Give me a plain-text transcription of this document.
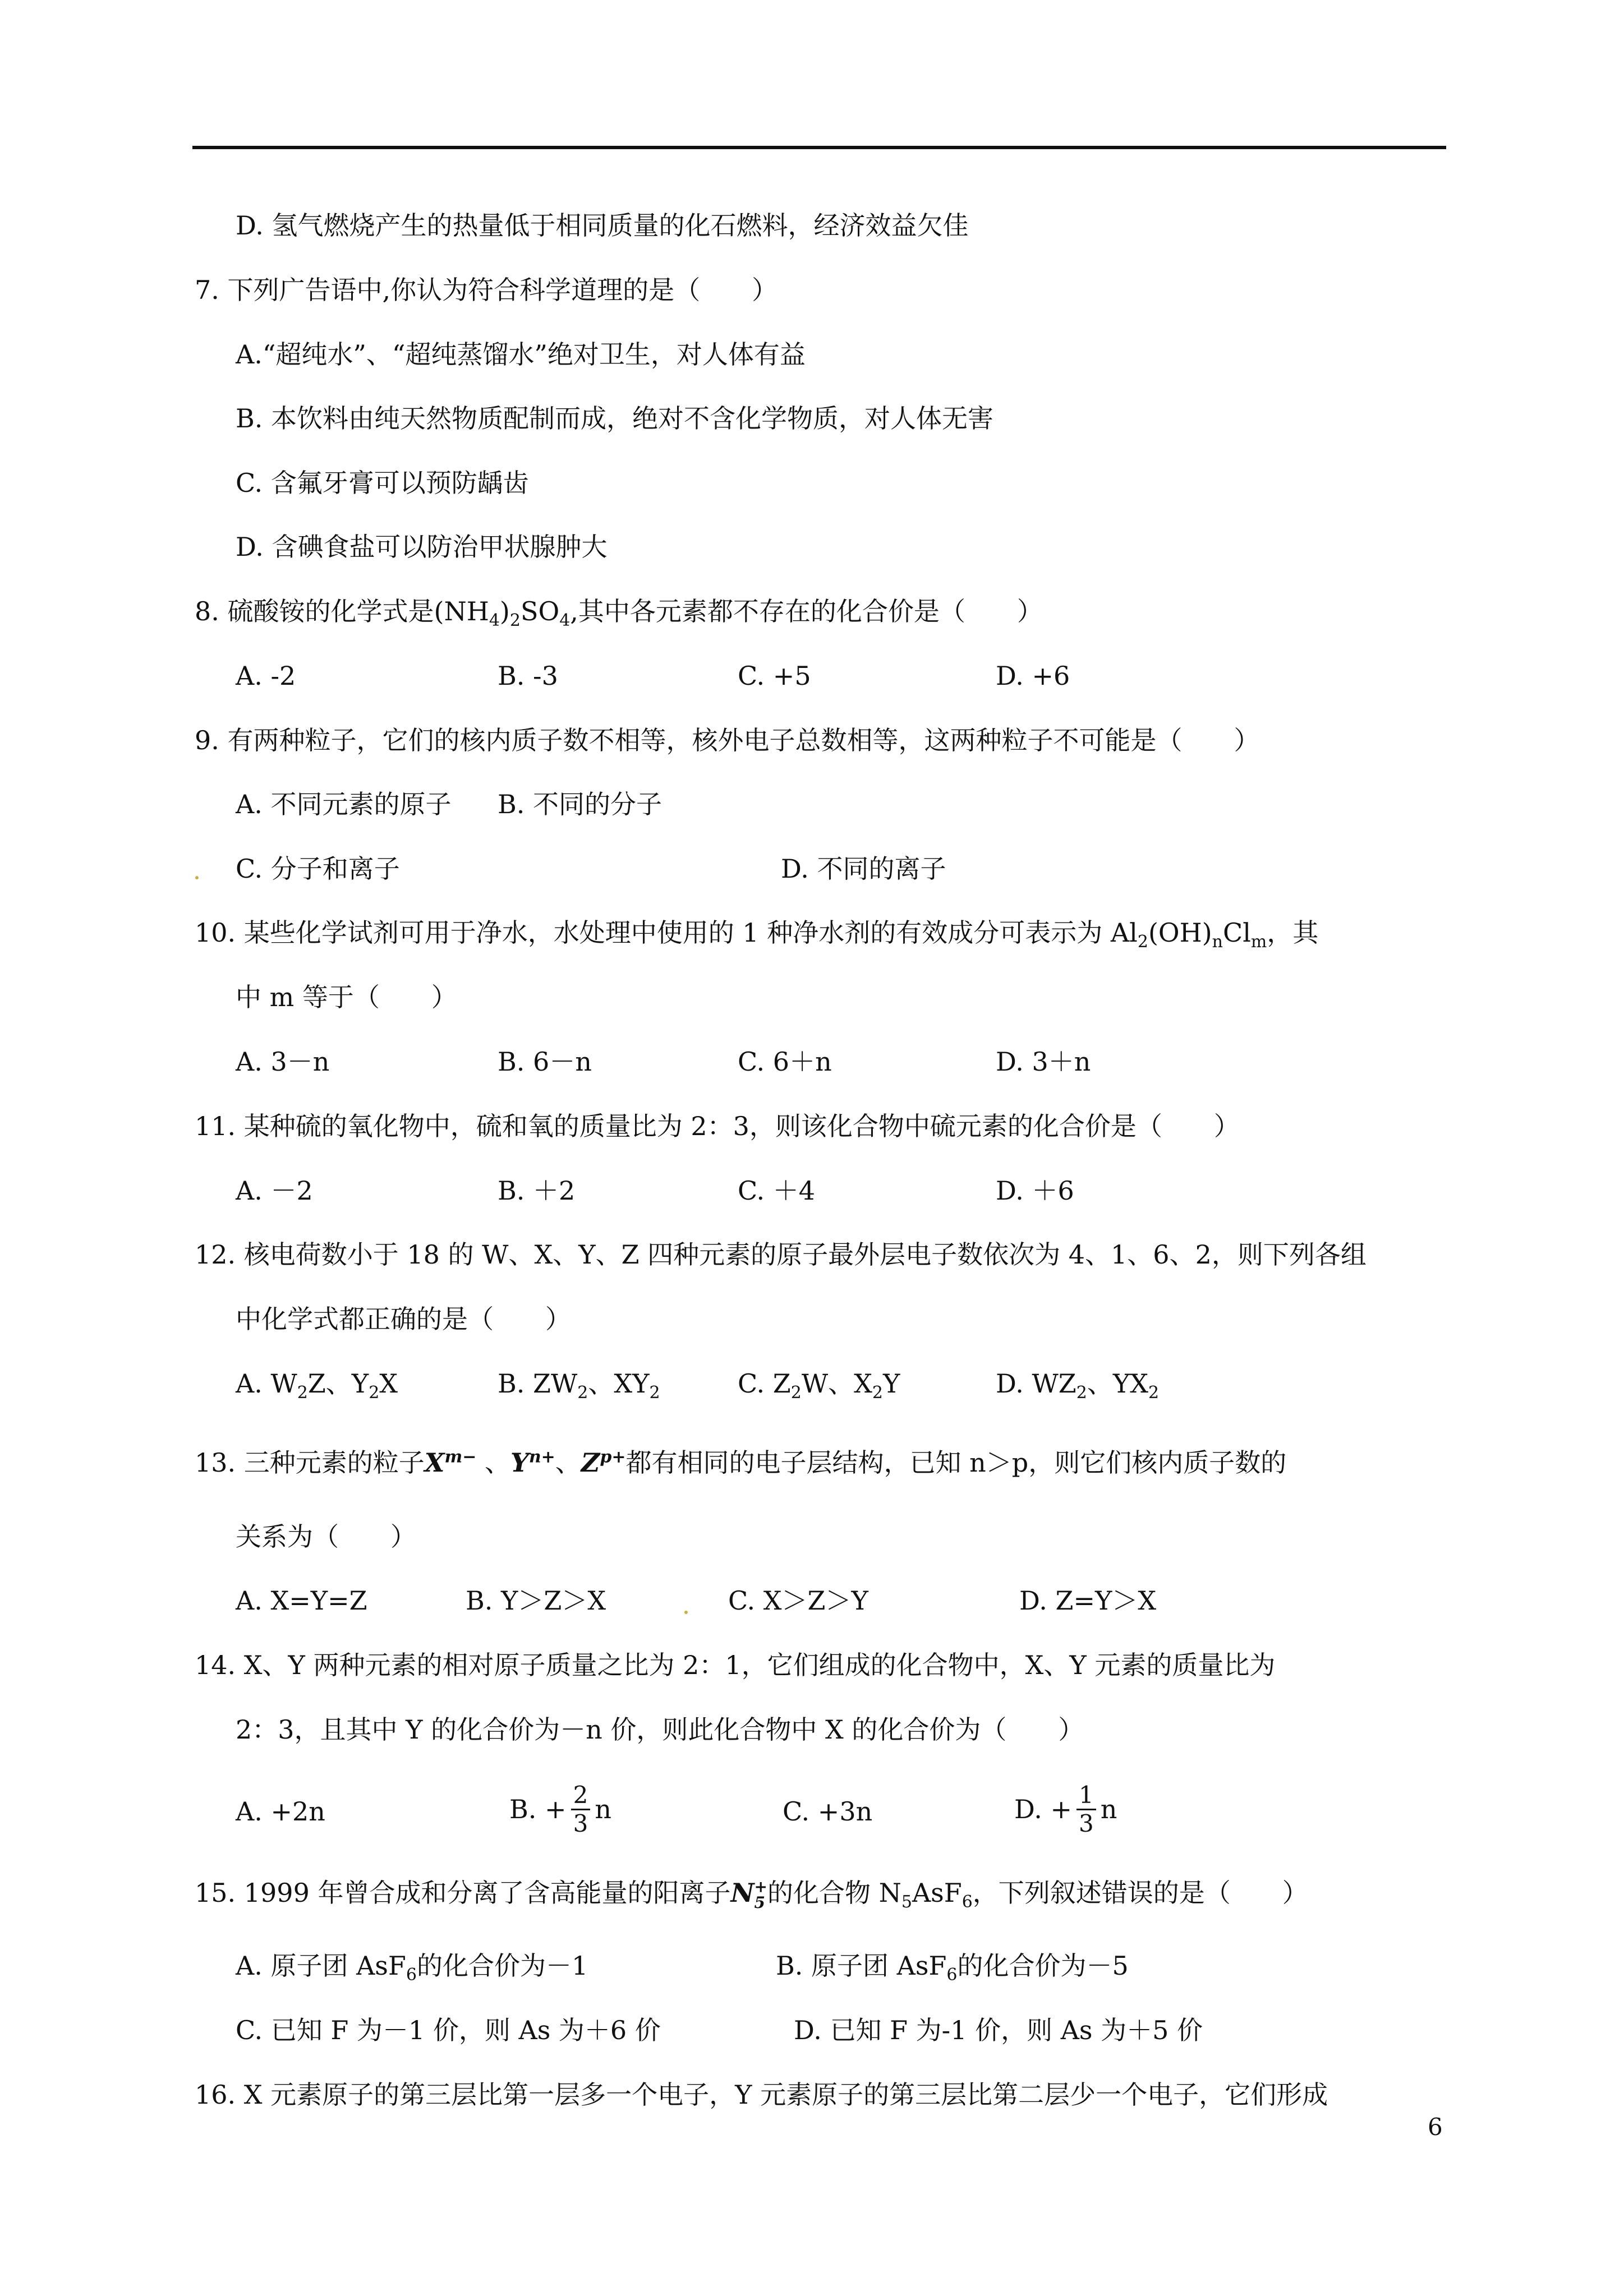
D. 氢气燃烧产生的热量低于相同质量的化石燃料，经济效益欠佳
7. 下列广告语中,你认为符合科学道理的是（　　）
A.“超纯水”、“超纯蒸馏水”绝对卫生，对人体有益
B. 本饮料由纯天然物质配制而成，绝对不含化学物质，对人体无害
C. 含氟牙膏可以预防龋齿
D. 含碘食盐可以防治甲状腺肿大
8. 硫酸铵的化学式是$(NH_4)_2SO_4$,其中各元素都不存在的化合价是（　　）
A. -2	B. -3	C. +5	D. +6
9. 有两种粒子，它们的核内质子数不相等，核外电子总数相等，这两种粒子不可能是（　　）
A. 不同元素的原子 B. 不同的分子
C. 分子和离子	D. 不同的离子
10. 某些化学试剂可用于净水，水处理中使用的 1 种净水剂的有效成分可表示为 $Al_2(OH)_nCl_m$，其
中 m 等于（　　）
A. 3－n	B. 6－n	C. 6＋n	D. 3＋n
11. 某种硫的氧化物中，硫和氧的质量比为 2：3，则该化合物中硫元素的化合价是（　　）
A. －2	B. ＋2	C. ＋4	D. ＋6
12. 核电荷数小于 18 的 W、X、Y、Z 四种元素的原子最外层电子数依次为 4、1、6、2，则下列各组
中化学式都正确的是（　　）
A. $W_2Z$、$Y_2X$	B. $ZW_2$、$XY_2$	C. $Z_2W$、$X_2Y$	D. $WZ_2$、$YX_2$
13. 三种元素的粒子$X^{m-}$ 、$Y^{n+}$、$Z^{p+}$都有相同的电子层结构，已知 n＞p，则它们核内质子数的
关系为（　　）
A. X=Y=Z	B. Y＞Z＞X	C. X＞Z＞Y	D. Z=Y＞X
14. X、Y 两种元素的相对原子质量之比为 2：1，它们组成的化合物中，X、Y 元素的质量比为
2：3，且其中 Y 的化合价为－n 价，则此化合物中 X 的化合价为（　　）
A. +2n	B. + $\frac{2}{3}$ n	C. +3n	D. + $\frac{1}{3}$ n
15. 1999 年曾合成和分离了含高能量的阳离子N +
5 的化合物 $N_5AsF_6$，下列叙述错误的是（　　）
A. 原子团 AsF$_6$的化合价为－1	B. 原子团 AsF$_6$的化合价为－5
C. 已知 F 为－1 价，则 As 为＋6 价	D. 已知 F 为-1 价，则 As 为＋5 价
16. X 元素原子的第三层比第一层多一个电子，Y 元素原子的第三层比第二层少一个电子，它们形成
6
